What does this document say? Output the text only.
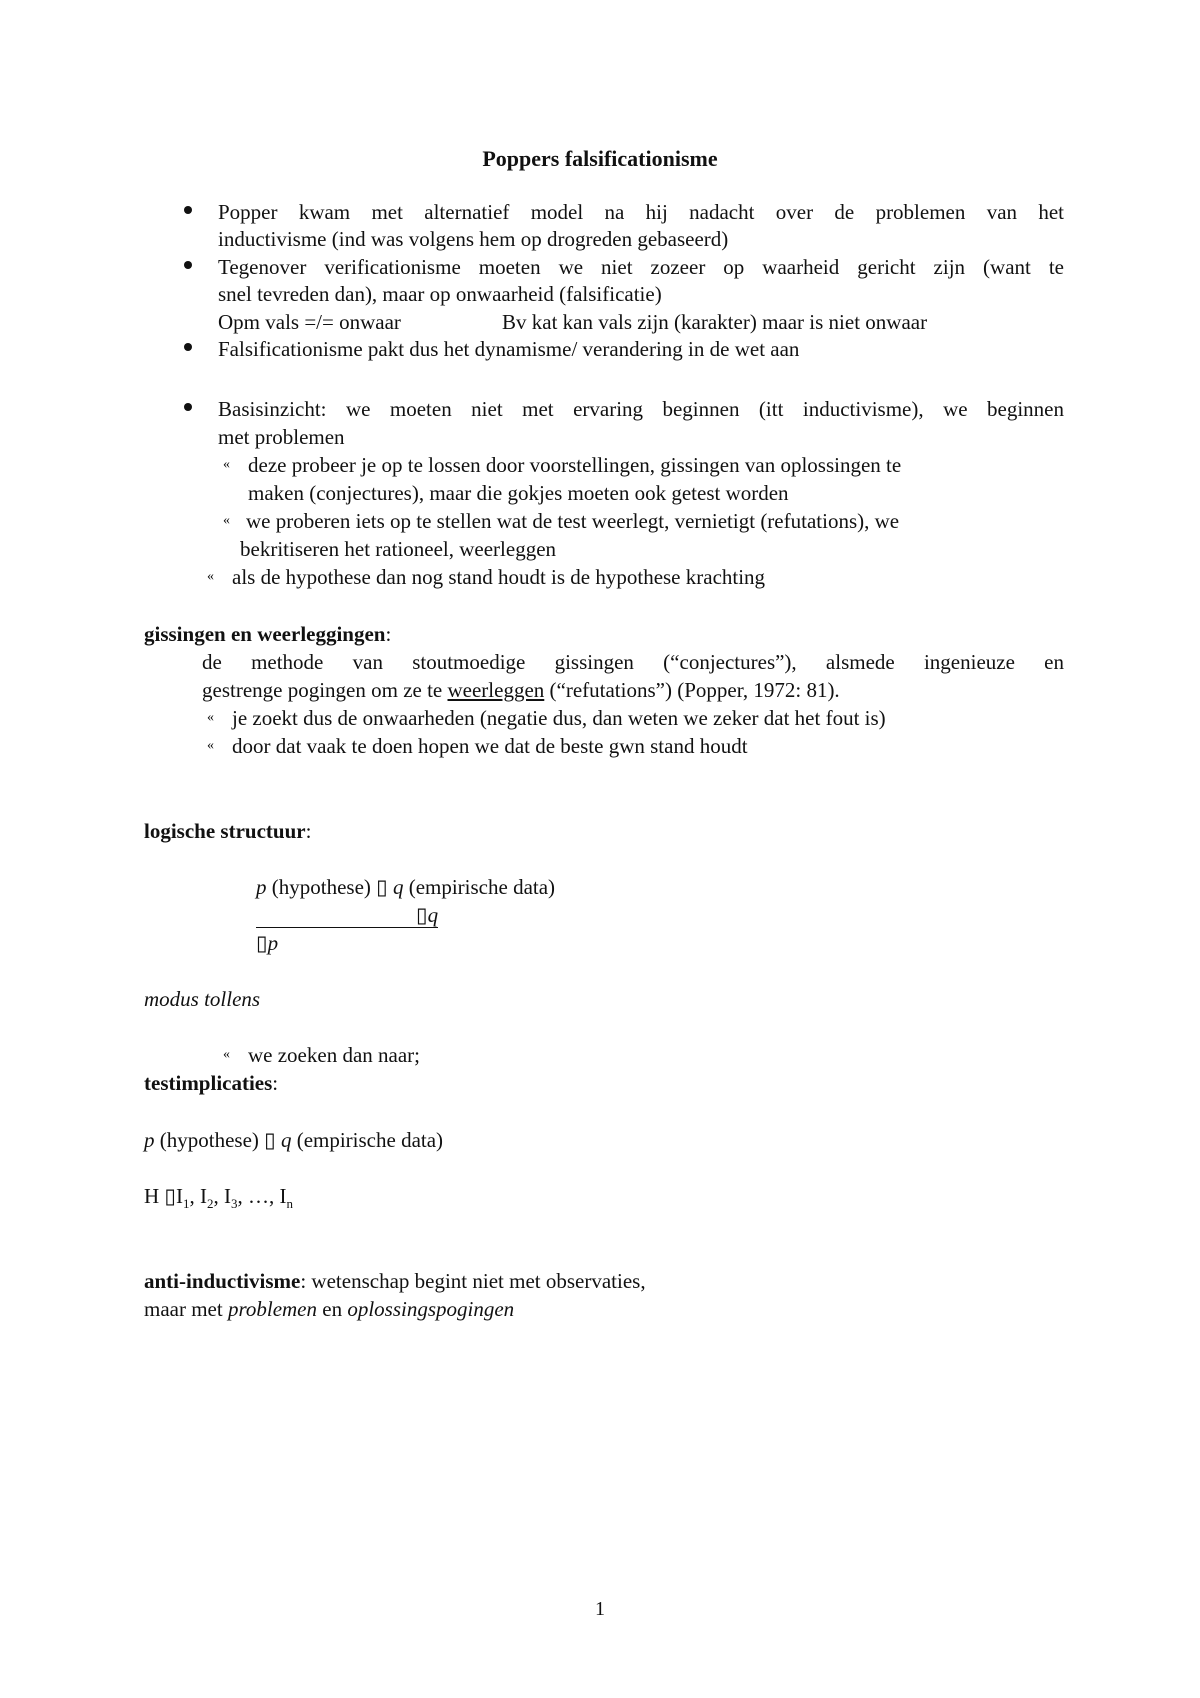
Poppers falsificationisme
Popper kwam met alternatief model na hij nadacht over de problemen van het
inductivisme (ind was volgens hem op drogreden gebaseerd)
Tegenover verificationisme moeten we niet zozeer op waarheid gericht zijn (want te
snel tevreden dan), maar op onwaarheid (falsificatie)
Opm vals =/= onwaar	Bv kat kan vals zijn (karakter) maar is niet onwaar
Falsificationisme pakt dus het dynamisme/ verandering in de wet aan
Basisinzicht: we moeten niet met ervaring beginnen (itt inductivisme), we beginnen
met problemen
« deze probeer je op te lossen door voorstellingen, gissingen van oplossingen te
maken (conjectures), maar die gokjes moeten ook getest worden
« we proberen iets op te stellen wat de test weerlegt, vernietigt (refutations), we
bekritiseren het rationeel, weerleggen
« als de hypothese dan nog stand houdt is de hypothese krachting
gissingen en weerleggingen:
de methode van stoutmoedige gissingen (“conjectures”), alsmede ingenieuze en
gestrenge pogingen om ze te weerleggen (“refutations”) (Popper, 1972: 81).
« je zoekt dus de onwaarheden (negatie dus, dan weten we zeker dat het fout is)
« door dat vaak te doen hopen we dat de beste gwn stand houdt
logische structuur:
p (hypothese) ▯ q (empirische data)
▯q
▯p
modus tollens
« we zoeken dan naar;
testimplicaties:
p (hypothese) ▯ q (empirische data)
H $▯I_1$, $I_2$, $I_3$, …, $I_n$
anti-inductivisme: wetenschap begint niet met observaties,
maar met problemen en oplossingspogingen
1
